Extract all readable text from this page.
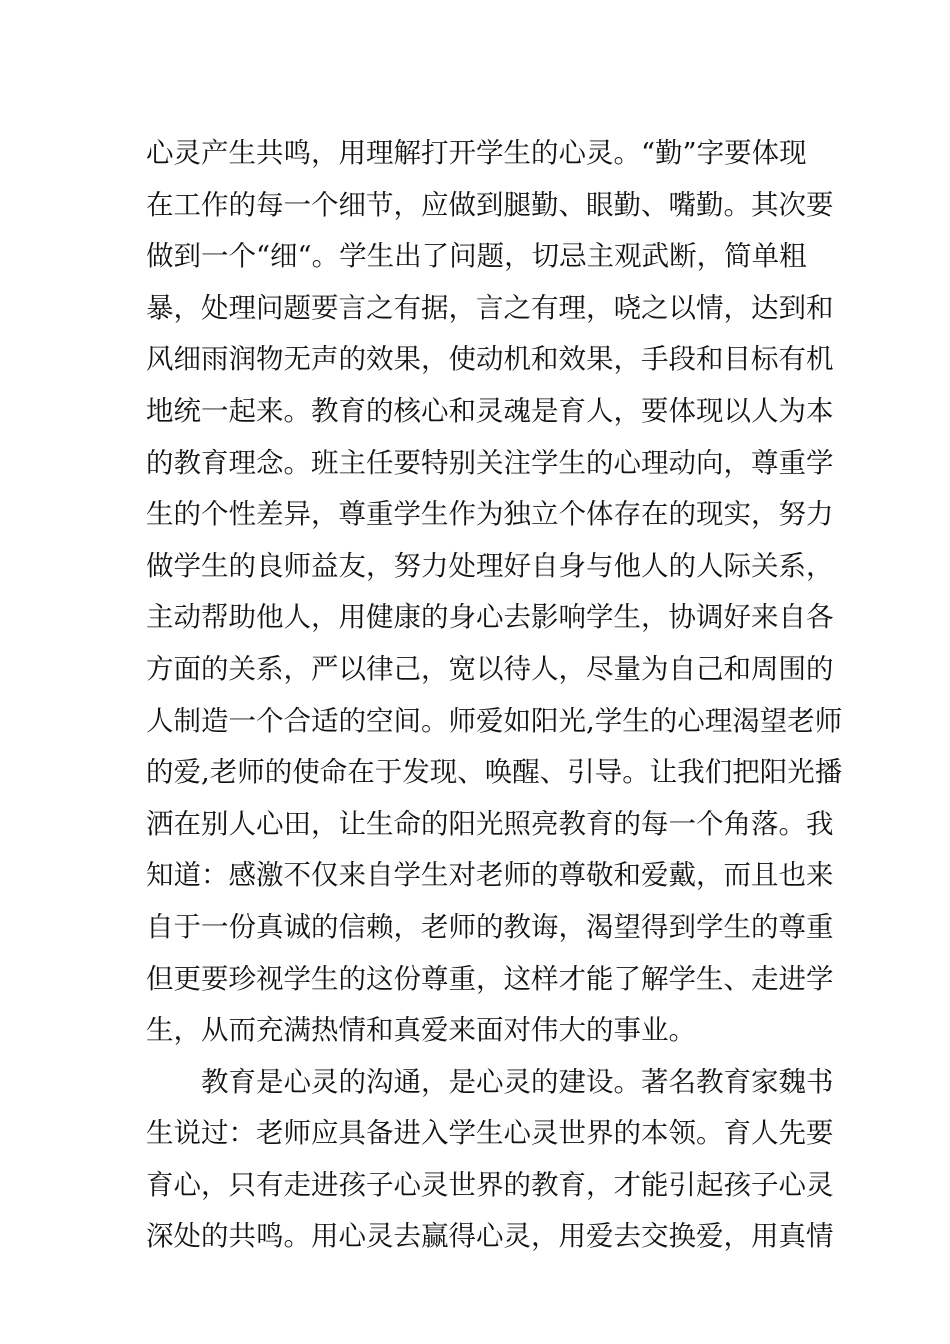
心灵产生共鸣，用理解打开学生的心灵。“勤”字要体现
在工作的每一个细节，应做到腿勤、眼勤、嘴勤。其次要
做到一个“细“。学生出了问题，切忌主观武断，简单粗
暴，处理问题要言之有据，言之有理，哓之以情，达到和
风细雨润物无声的效果，使动机和效果，手段和目标有机
地统一起来。教育的核心和灵魂是育人，要体现以人为本
的教育理念。班主任要特别关注学生的心理动向，尊重学
生的个性差异，尊重学生作为独立个体存在的现实，努力
做学生的良师益友，努力处理好自身与他人的人际关系，
主动帮助他人，用健康的身心去影响学生，协调好来自各
方面的关系，严以律己，宽以待人，尽量为自己和周围的
人制造一个合适的空间。师爱如阳光,学生的心理渴望老师
的爱,老师的使命在于发现、唤醒、引导。让我们把阳光播
洒在别人心田，让生命的阳光照亮教育的每一个角落。我
知道：感激不仅来自学生对老师的尊敬和爱戴，而且也来
自于一份真诚的信赖，老师的教诲，渴望得到学生的尊重
但更要珍视学生的这份尊重，这样才能了解学生、走进学
生，从而充满热情和真爱来面对伟大的事业。
教育是心灵的沟通，是心灵的建设。著名教育家魏书
生说过：老师应具备进入学生心灵世界的本领。育人先要
育心，只有走进孩子心灵世界的教育，才能引起孩子心灵
深处的共鸣。用心灵去赢得心灵，用爱去交换爱，用真情
